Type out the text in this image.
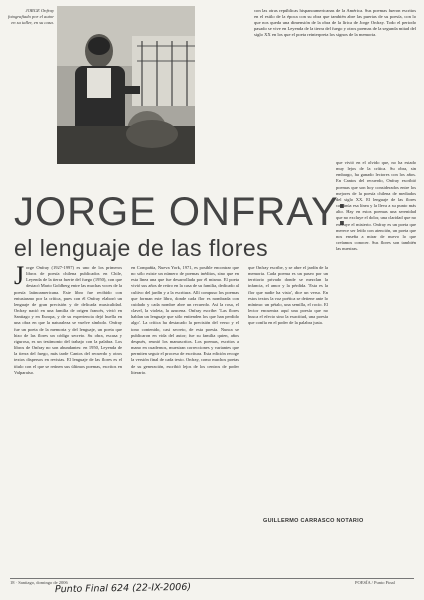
JORGE Onfray fotografiado por el autor en su taller, en su casa.
con las otras repúblicas hispanoamericanas de la América. Sus poemas fueron escritos en el estilo de la época con su obra que también abre las puertas de su poesía, con lo que nos queda una dimensión de la obra de la lírica de Jorge Onfray. Todo el periodo pasado se vive en Leyenda de la tierra del fuego y otros poemas de la segunda mitad del siglo XX en los que el poeta reinterpreta los signos de la memoria.
JORGE ONFRAY:
el lenguaje de las flores
Jorge Onfray (1927-1997) es uno de los primeros libros de poesía chilena publicados en Chile, Leyenda de la tierra fuerte del fuego (1950), con que destacó Mario Goldberg entre las muchas voces de la poesía latinoamericana. Este libro fue recibido con entusiasmo por la crítica, pues con él Onfray elaboró un lenguaje de gran precisión y de delicada musicalidad. Onfray nació en una familia de origen francés, vivió en Santiago y en Europa, y de su experiencia dejó huella en una obra en que la naturaleza se vuelve símbolo. Onfray fue un poeta de la memoria y del lenguaje, un poeta que hizo de las flores un código secreto. Su obra, escasa y rigurosa, es un testimonio del trabajo con la palabra. Los libros de Onfray no son abundantes: en 1950, Leyenda de la tierra del fuego, más tarde Cantos del recuerdo y otros textos dispersos en revistas. El lenguaje de las flores es el título con el que se reúnen sus últimos poemas, escritos en Valparaíso.
en Compañía, Nueva York, 1971, es posible encontrar que no sólo existe un número de poemas inéditos, sino que en esta línea una que fue desarrollada por él mismo. El poeta vivió sus años de retiro en la casa de su familia, dedicado al cultivo del jardín y a la escritura. Allí compuso los poemas que forman este libro, donde cada flor es nombrada con cuidado y cada nombre abre un recuerdo. Así la rosa, el clavel, la violeta, la azucena. Onfray escribe: 'Las flores hablan un lenguaje que sólo entienden los que han perdido algo'. La crítica ha destacado la precisión del verso y el tono contenido, casi secreto, de esta poesía. Nunca se publicaron en vida del autor; fue su familia quien, años después, reunió los manuscritos. Los poemas, escritos a mano en cuadernos, muestran correcciones y variantes que permiten seguir el proceso de escritura. Esta edición recoge la versión final de cada texto. Onfray, como muchos poetas de su generación, escribió lejos de los centros de poder literario.
que Onfray escribe, y se abre el jardín de la memoria. Cada poema es un paseo por un territorio privado donde se mezclan la infancia, el amor y la pérdida. 'Esta es la flor que nadie ha visto', dice un verso. En estos textos la voz poética se detiene ante lo mínimo: un pétalo, una semilla, el rocío. El lector encuentra aquí una poesía que no busca el efecto sino la exactitud, una poesía que confía en el poder de la palabra justa.
que vivió en el olvido que, no ha estado muy lejos de la crítica. Su obra, sin embargo, ha ganado lectores con los años. En Cantos del recuerdo, Onfray escribió poemas que son hoy considerados entre los mejores de la poesía chilena de mediados del siglo XX. El lenguaje de las flores continúa esa línea y la lleva a su punto más alto. Hay en estos poemas una serenidad que no excluye el dolor, una claridad que no excluye el misterio. Onfray es un poeta que merece ser leído con atención, un poeta que nos enseña a mirar de nuevo lo que creíamos conocer. Sus flores son también las nuestras.
GUILLERMO CARRASCO NOTARIO
18 · Santiago, domingo de 2006
Punto Final 624 (22-IX-2006)	POESÍA / Punto Final
